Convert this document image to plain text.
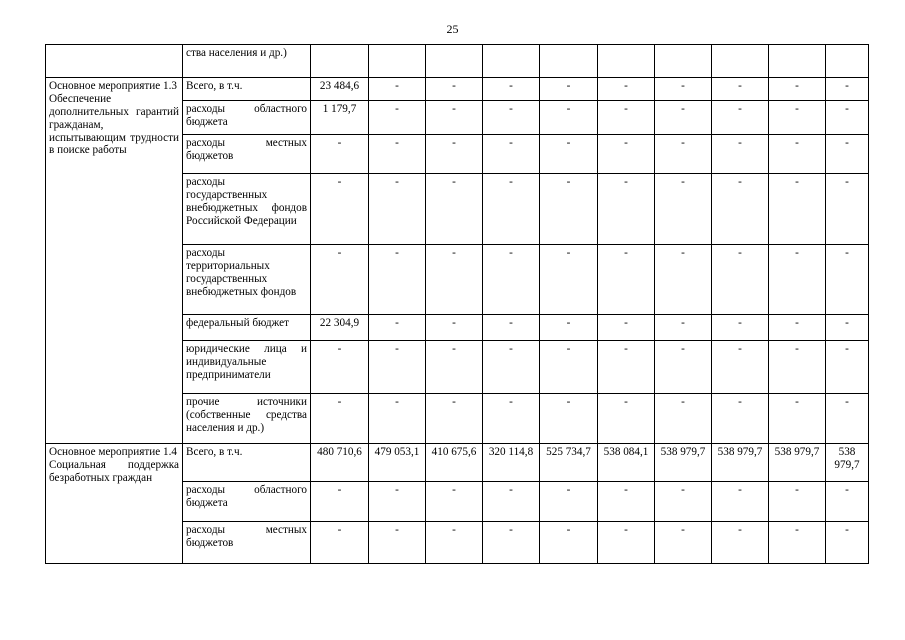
25
	ства населения и др.)										

Основное мероприятие 1.3
Обеспечение дополнительных гарантий гражданам, испытывающим трудности в поиске работы	Всего, в т.ч.	23 484,6	-	-	-	-	-	-	-	-	-
	расходы областного бюджета	1 179,7	-	-	-	-	-	-	-	-	-
	расходы местных бюджетов	-	-	-	-	-	-	-	-	-	-
	расходы государственных внебюджетных фондов Российской Федерации	-	-	-	-	-	-	-	-	-	-
	расходы территориальных государственных внебюджетных фондов	-	-	-	-	-	-	-	-	-	-
	федеральный бюджет	22 304,9	-	-	-	-	-	-	-	-	-
	юридические лица и индивидуальные предприниматели	-	-	-	-	-	-	-	-	-	-
	прочие источники (собственные средства населения и др.)	-	-	-	-	-	-	-	-	-	-

Основное мероприятие 1.4
Социальная поддержка безработных граждан	Всего, в т.ч.	480 710,6	479 053,1	410 675,6	320 114,8	525 734,7	538 084,1	538 979,7	538 979,7	538 979,7	538 979,7
	расходы областного бюджета	-	-	-	-	-	-	-	-	-	-
	расходы местных бюджетов	-	-	-	-	-	-	-	-	-	-
